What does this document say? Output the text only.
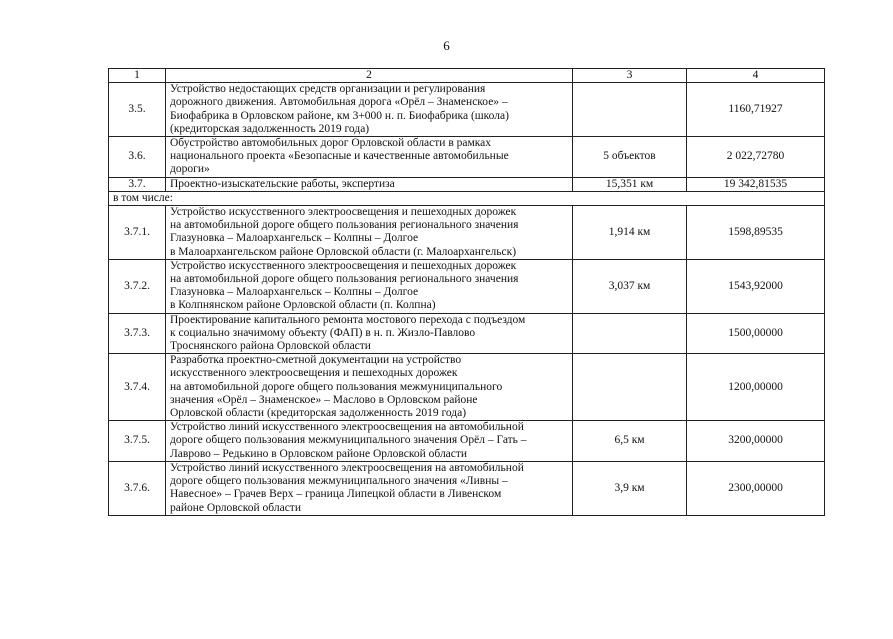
6
1	2	3	4
3.5.	Устройство недостающих средств организации и регулирования
дорожного движения. Автомобильная дорога «Орёл – Знаменское» –
Биофабрика в Орловском районе, км 3+000 н. п. Биофабрика (школа)
(кредиторская задолженность 2019 года)		1160,71927
3.6.	Обустройство автомобильных дорог Орловской области в рамках
национального проекта «Безопасные и качественные автомобильные
дороги»	5 объектов	2 022,72780
3.7.	Проектно-изыскательские работы, экспертиза	15,351 км	19 342,81535
в том числе:			
3.7.1.	Устройство искусственного электроосвещения и пешеходных дорожек
на автомобильной дороге общего пользования регионального значения
Глазуновка – Малоархангельск – Колпны – Долгое
в Малоархангельском районе Орловской области (г. Малоархангельск)	1,914 км	1598,89535
3.7.2.	Устройство искусственного электроосвещения и пешеходных дорожек
на автомобильной дороге общего пользования регионального значения
Глазуновка – Малоархангельск – Колпны – Долгое
в Колпнянском районе Орловской области (п. Колпна)	3,037 км	1543,92000
3.7.3.	Проектирование капитального ремонта мостового перехода с подъездом
к социально значимому объекту (ФАП) в н. п. Жизло-Павлово
Троснянского района Орловской области		1500,00000
3.7.4.	Разработка проектно-сметной документации на устройство
искусственного электроосвещения и пешеходных дорожек
на автомобильной дороге общего пользования межмуниципального
значения «Орёл – Знаменское» – Маслово в Орловском районе
Орловской области (кредиторская задолженность 2019 года)		1200,00000
3.7.5.	Устройство линий искусственного электроосвещения на автомобильной
дороге общего пользования межмуниципального значения Орёл – Гать –
Лаврово – Редькино в Орловском районе Орловской области	6,5 км	3200,00000
3.7.6.	Устройство линий искусственного электроосвещения на автомобильной
дороге общего пользования межмуниципального значения «Ливны –
Навесное» – Грачев Верх – граница Липецкой области в Ливенском
районе Орловской области	3,9 км	2300,00000
